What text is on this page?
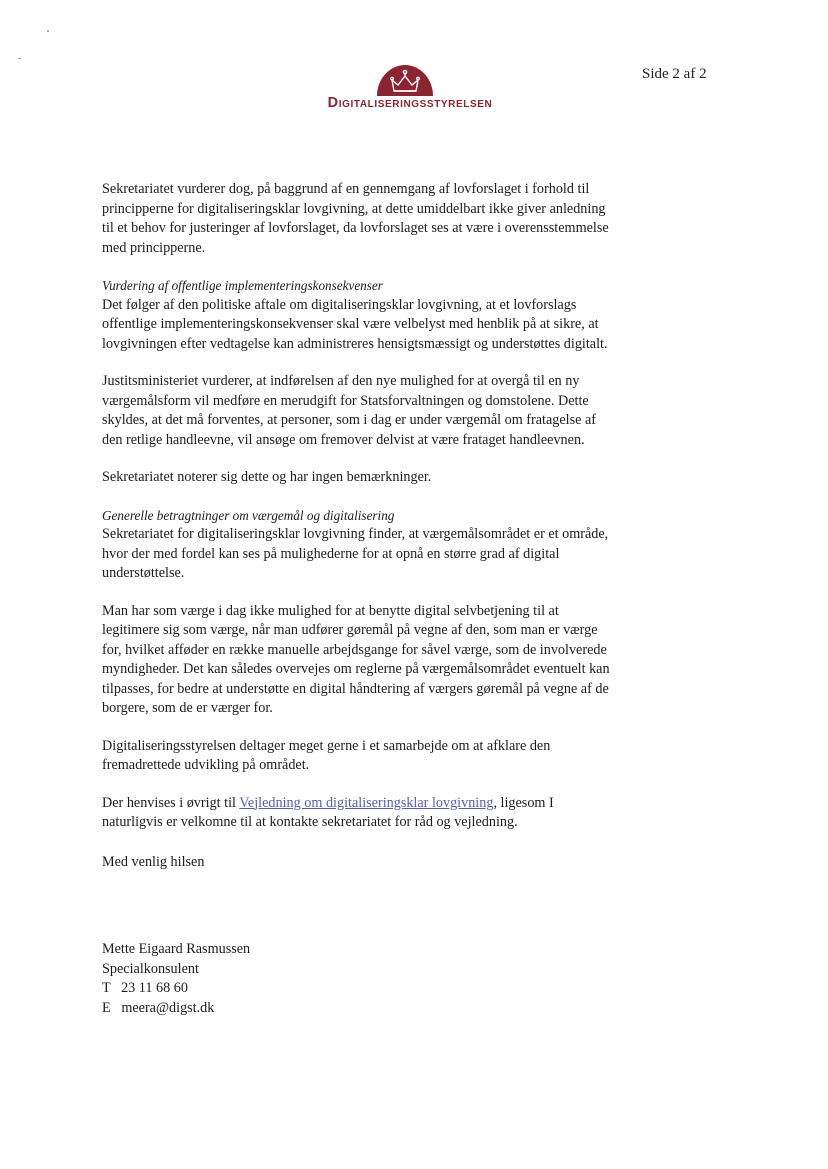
Side 2 af 2
Digitaliseringsstyrelsen

Sekretariatet vurderer dog, på baggrund af en gennemgang af lovforslaget i forhold til principperne for digitaliseringsklar lovgivning, at dette umiddelbart ikke giver anledning til et behov for justeringer af lovforslaget, da lovforslaget ses at være i overensstemmelse med principperne.

Vurdering af offentlige implementeringskonsekvenser

Det følger af den politiske aftale om digitaliseringsklar lovgivning, at et lovforslags offentlige implementeringskonsekvenser skal være velbelyst med henblik på at sikre, at lovgivningen efter vedtagelse kan administreres hensigtsmæssigt og understøttes digitalt.

Justitsministeriet vurderer, at indførelsen af den nye mulighed for at overgå til en ny værgemålsform vil medføre en merudgift for Statsforvaltningen og domstolene. Dette skyldes, at det må forventes, at personer, som i dag er under værgemål om fratagelse af den retlige handleevne, vil ansøge om fremover delvist at være frataget handleevnen.

Sekretariatet noterer sig dette og har ingen bemærkninger.

Generelle betragtninger om værgemål og digitalisering

Sekretariatet for digitaliseringsklar lovgivning finder, at værgemålsområdet er et område, hvor der med fordel kan ses på mulighederne for at opnå en større grad af digital understøttelse.

Man har som værge i dag ikke mulighed for at benytte digital selvbetjening til at legitimere sig som værge, når man udfører gøremål på vegne af den, som man er værge for, hvilket afføder en række manuelle arbejdsgange for såvel værge, som de involverede myndigheder. Det kan således overvejes om reglerne på værgemålsområdet eventuelt kan tilpasses, for bedre at understøtte en digital håndtering af værgers gøremål på vegne af de borgere, som de er værger for.

Digitaliseringsstyrelsen deltager meget gerne i et samarbejde om at afklare den fremadrettede udvikling på området.

Der henvises i øvrigt til Vejledning om digitaliseringsklar lovgivning, ligesom I naturligvis er velkomne til at kontakte sekretariatet for råd og vejledning.

Med venlig hilsen

Mette Eigaard Rasmussen
Specialkonsulent
T 23 11 68 60
E meera@digst.dk
